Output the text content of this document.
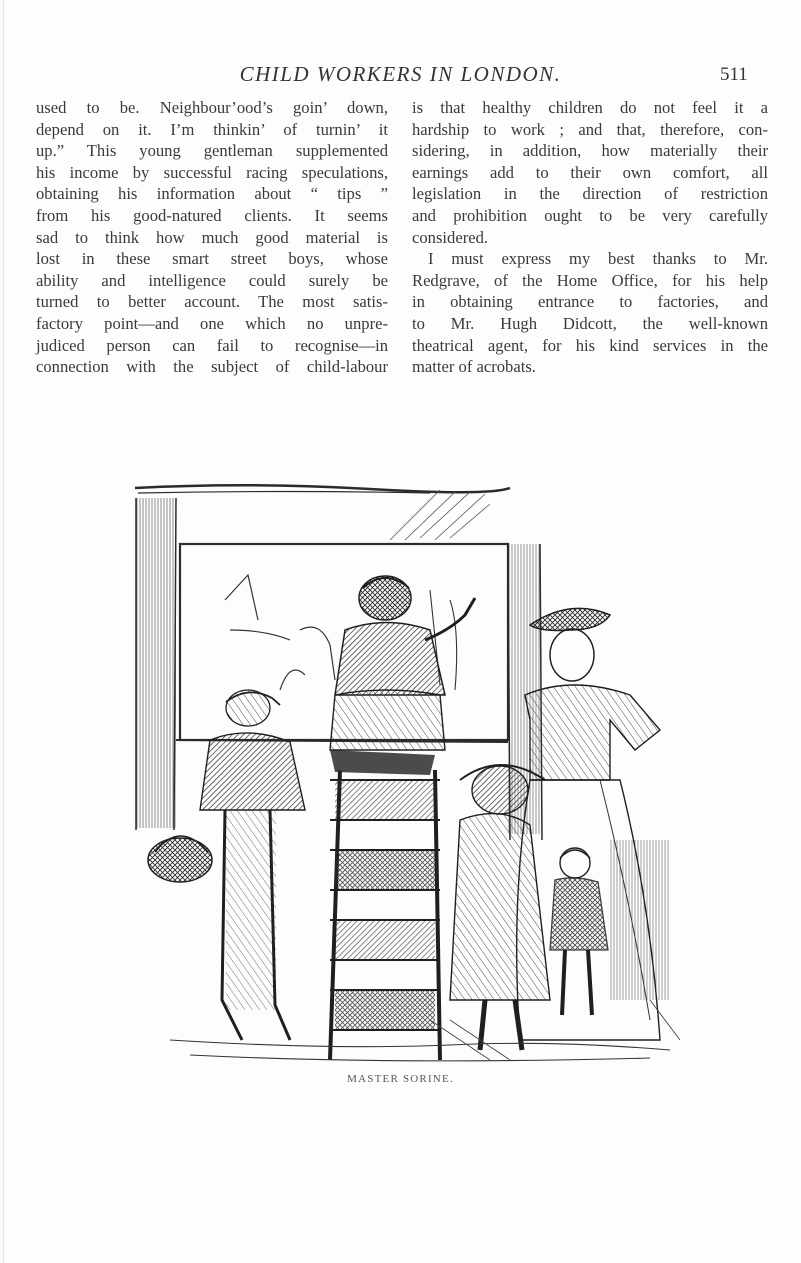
CHILD WORKERS IN LONDON.	511
used to be. Neighbour’ood’s goin’ down,
depend on it. I’m thinkin’ of turnin’ it
up.” This young gentleman supplemented
his income by successful racing speculations,
obtaining his information about “ tips ”
from his good-natured clients. It seems
sad to think how much good material is
lost in these smart street boys, whose
ability and intelligence could surely be
turned to better account. The most satis-
factory point—and one which no unpre-
judiced person can fail to recognise—in
connection with the subject of child-labour
is that healthy children do not feel it a
hardship to work ; and that, therefore, con-
sidering, in addition, how materially their
earnings add to their own comfort, all
legislation in the direction of restriction
and prohibition ought to be very carefully
considered.
I must express my best thanks to Mr.
Redgrave, of the Home Office, for his help
in obtaining entrance to factories, and
to Mr. Hugh Didcott, the well-known
theatrical agent, for his kind services in the
matter of acrobats.
MASTER SORINE.
